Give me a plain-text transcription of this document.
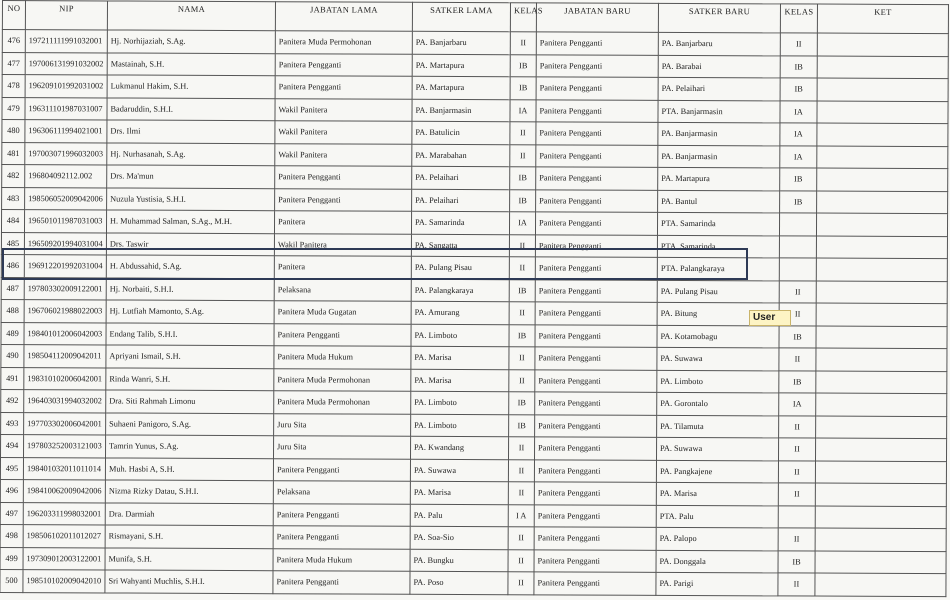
NO	NIP	NAMA	JABATAN LAMA	SATKER LAMA	KELAS	JABATAN BARU	SATKER BARU	KELAS	KET
476	197211111991032001	Hj. Norhijaziah, S.Ag.	Panitera Muda Permohonan	PA. Banjarbaru	II	Panitera Pengganti	PA. Banjarbaru	II	
477	197006131991032002	Mastainah, S.H.	Panitera Pengganti	PA. Martapura	IB	Panitera Pengganti	PA. Barabai	IB	
478	196209101992031002	Lukmanul Hakim, S.H.	Panitera Pengganti	PA. Martapura	IB	Panitera Pengganti	PA. Pelaihari	IB	
479	196311101987031007	Badaruddin, S.H.I.	Wakil Panitera	PA. Banjarmasin	IA	Panitera Pengganti	PTA. Banjarmasin	IA	
480	196306111994021001	Drs. Ilmi	Wakil Panitera	PA. Batulicin	II	Panitera Pengganti	PA. Banjarmasin	IA	
481	197003071996032003	Hj. Nurhasanah, S.Ag.	Wakil Panitera	PA. Marabahan	II	Panitera Pengganti	PA. Banjarmasin	IA	
482	196804092112.002	Drs. Ma'mun	Panitera Pengganti	PA. Pelaihari	IB	Panitera Pengganti	PA. Martapura	IB	
483	198506052009042006	Nuzula Yustisia, S.H.I.	Panitera Pengganti	PA. Pelaihari	IB	Panitera Pengganti	PA. Bantul	IB	
484	196501011987031003	H. Muhammad Salman, S.Ag., M.H.	Panitera	PA. Samarinda	IA	Panitera Pengganti	PTA. Samarinda		
485	196509201994031004	Drs. Taswir	Wakil Panitera	PA. Sangatta	II	Panitera Pengganti	PTA. Samarinda		
486	196912201992031004	H. Abdussahid, S.Ag.	Panitera	PA. Pulang Pisau	II	Panitera Pengganti	PTA. Palangkaraya		
487	197803302009122001	Hj. Norbaiti, S.H.I.	Pelaksana	PA. Palangkaraya	IB	Panitera Pengganti	PA. Pulang Pisau	II	
488	196706021988022003	Hj. Lutfiah Mamonto, S.Ag.	Panitera Muda Gugatan	PA. Amurang	II	Panitera Pengganti	PA. Bitung	II	
489	198401012006042003	Endang Talib, S.H.I.	Panitera Pengganti	PA. Limboto	IB	Panitera Pengganti	PA. Kotamobagu	IB	
490	198504112009042011	Apriyani Ismail, S.H.	Panitera Muda Hukum	PA. Marisa	II	Panitera Pengganti	PA. Suwawa	II	
491	198310102006042001	Rinda Wanri, S.H.	Panitera Muda Permohonan	PA. Marisa	II	Panitera Pengganti	PA. Limboto	IB	
492	196403031994032002	Dra. Siti Rahmah Limonu	Panitera Muda Permohonan	PA. Limboto	IB	Panitera Pengganti	PA. Gorontalo	IA	
493	197703302006042001	Suhaeni Panigoro, S.Ag.	Juru Sita	PA. Limboto	IB	Panitera Pengganti	PA. Tilamuta	II	
494	197803252003121003	Tamrin Yunus, S.Ag.	Juru Sita	PA. Kwandang	II	Panitera Pengganti	PA. Suwawa	II	
495	198401032011011014	Muh. Hasbi A, S.H.	Panitera Pengganti	PA. Suwawa	II	Panitera Pengganti	PA. Pangkajene	II	
496	198410062009042006	Nizma Rizky Datau, S.H.I.	Pelaksana	PA. Marisa	II	Panitera Pengganti	PA. Marisa	II	
497	196203311998032001	Dra. Darmiah	Panitera Pengganti	PA. Palu	I A	Panitera Pengganti	PTA. Palu		
498	198506102011012027	Rismayani, S.H.	Panitera Pengganti	PA. Soa-Sio	II	Panitera Pengganti	PA. Palopo	II	
499	197309012003122001	Munifa, S.H.	Panitera Muda Hukum	PA. Bungku	II	Panitera Pengganti	PA. Donggala	IB	
500	198510102009042010	Sri Wahyanti Muchlis, S.H.I.	Panitera Pengganti	PA. Poso	II	Panitera Pengganti	PA. Parigi	II	
User
